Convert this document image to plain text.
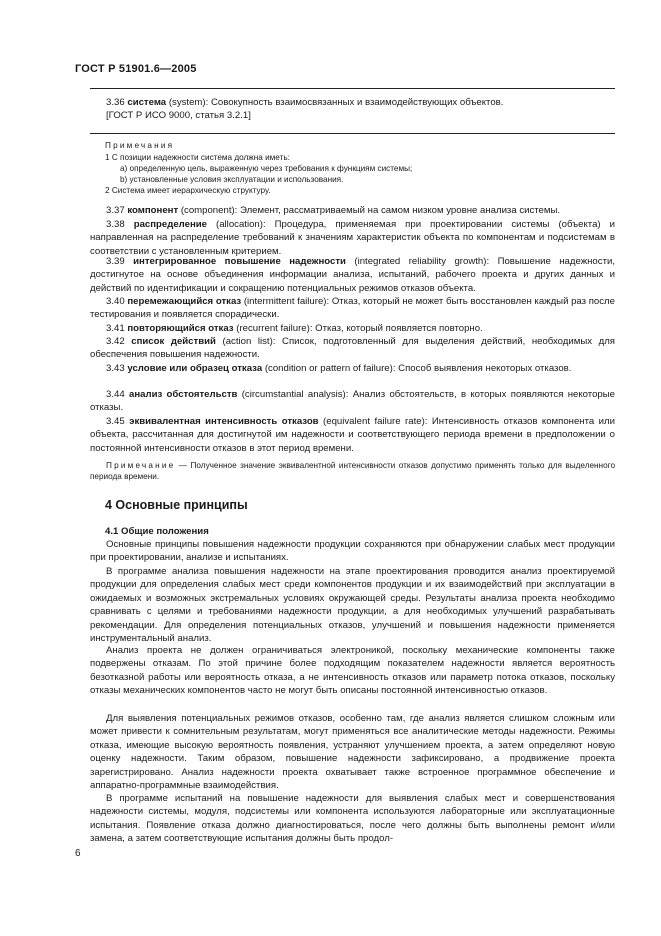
ГОСТ Р 51901.6—2005
3.36 система (system): Совокупность взаимосвязанных и взаимодействующих объектов.
[ГОСТ Р ИСО 9000, статья 3.2.1]
Примечания
1 С позиции надежности система должна иметь:
а) определенную цель, выраженную через требования к функциям системы;
b) установленные условия эксплуатации и использования.
2 Система имеет иерархическую структуру.
3.37 компонент (component): Элемент, рассматриваемый на самом низком уровне анализа системы.
3.38 распределение (allocation): Процедура, применяемая при проектировании системы (объекта) и направленная на распределение требований к значениям характеристик объекта по компонентам и подсистемам в соответствии с установленным критерием.
3.39 интегрированное повышение надежности (integrated reliability growth): Повышение надежности, достигнутое на основе объединения информации анализа, испытаний, рабочего проекта и других данных и действий по идентификации и сокращению потенциальных режимов отказов объекта.
3.40 перемежающийся отказ (intermittent failure): Отказ, который не может быть восстановлен каждый раз после тестирования и появляется спорадически.
3.41 повторяющийся отказ (recurrent failure): Отказ, который появляется повторно.
3.42 список действий (action list): Список, подготовленный для выделения действий, необходимых для обеспечения повышения надежности.
3.43 условие или образец отказа (condition or pattern of failure): Способ выявления некоторых отказов.
3.44 анализ обстоятельств (circumstantial analysis): Анализ обстоятельств, в которых появляются некоторые отказы.
3.45 эквивалентная интенсивность отказов (equivalent failure rate): Интенсивность отказов компонента или объекта, рассчитанная для достигнутой им надежности и соответствующего периода времени в предположении о постоянной интенсивности отказов в этот период времени.
Примечание — Полученное значение эквивалентной интенсивности отказов допустимо применять только для выделенного периода времени.
4 Основные принципы
4.1 Общие положения
Основные принципы повышения надежности продукции сохраняются при обнаружении слабых мест продукции при проектировании, анализе и испытаниях.
В программе анализа повышения надежности на этапе проектирования проводится анализ проектируемой продукции для определения слабых мест среди компонентов продукции и их взаимодействий при эксплуатации в ожидаемых и возможных экстремальных условиях окружающей среды. Результаты анализа проекта необходимо сравнивать с целями и требованиями надежности продукции, а для необходимых улучшений разрабатывать рекомендации. Для определения потенциальных отказов, улучшений и повышения надежности применяется инструментальный анализ.
Анализ проекта не должен ограничиваться электроникой, поскольку механические компоненты также подвержены отказам. По этой причине более подходящим показателем надежности является вероятность безотказной работы или вероятность отказа, а не интенсивность отказов или параметр потока отказов, поскольку отказы механических компонентов часто не могут быть описаны постоянной интенсивностью отказов.
Для выявления потенциальных режимов отказов, особенно там, где анализ является слишком сложным или может привести к сомнительным результатам, могут применяться все аналитические методы надежности. Режимы отказа, имеющие высокую вероятность появления, устраняют улучшением проекта, а затем определяют новую оценку надежности. Таким образом, повышение надежности зафиксировано, а продвижение проекта зарегистрировано. Анализ надежности проекта охватывает также встроенное программное обеспечение и аппаратно-программные взаимодействия.
В программе испытаний на повышение надежности для выявления слабых мест и совершенствования надежности системы, модуля, подсистемы или компонента используются лабораторные или эксплуатационные испытания. Появление отказа должно диагностироваться, после чего должны быть выполнены ремонт и/или замена, а затем соответствующие испытания должны быть продол-
6
